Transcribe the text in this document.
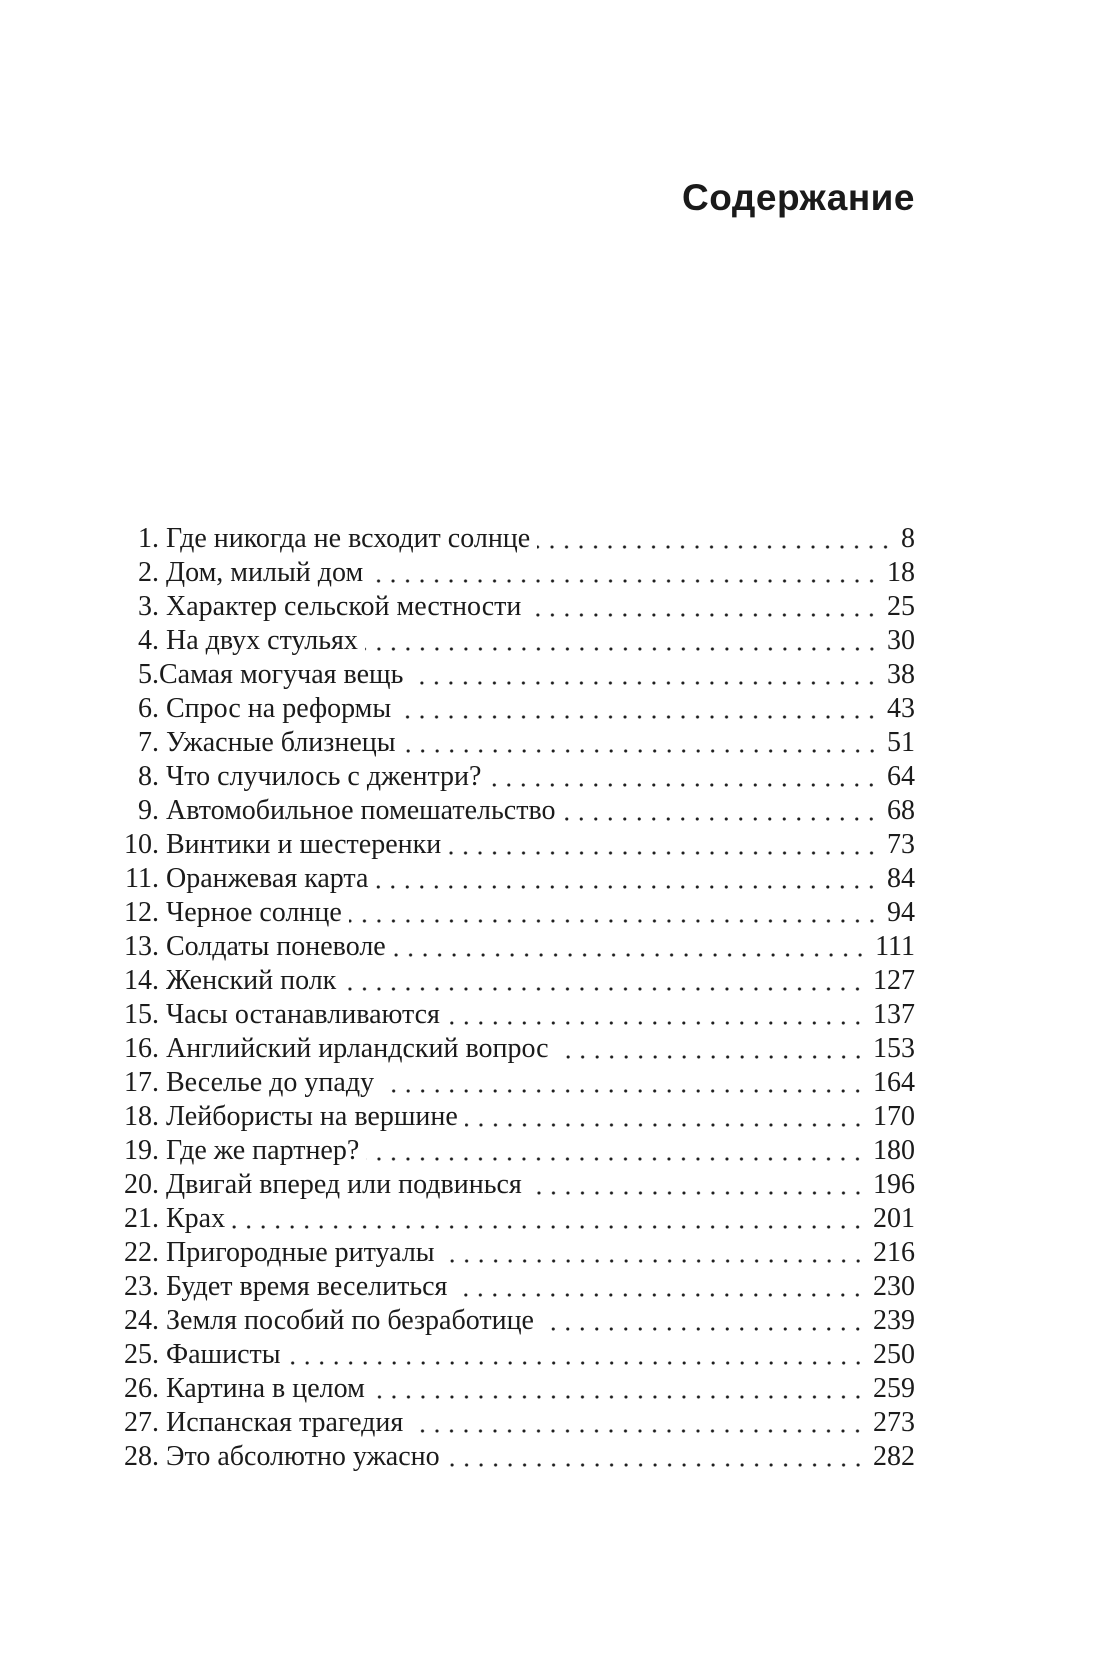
Содержание
1. Где никогда не всходит солнце	8
2. Дом, милый дом	18
3. Характер сельской местности	25
4. На двух стульях	30
5. Самая могучая вещь	38
6. Спрос на реформы	43
7. Ужасные близнецы	51
8. Что случилось с джентри?	64
9. Автомобильное помешательство	68
10. Винтики и шестеренки	73
11. Оранжевая карта	84
12. Черное солнце	94
13. Солдаты поневоле	111
14. Женский полк	127
15. Часы останавливаются	137
16. Английский ирландский вопрос	153
17. Веселье до упаду	164
18. Лейбористы на вершине	170
19. Где же партнер?	180
20. Двигай вперед или подвинься	196
21. Крах	201
22. Пригородные ритуалы	216
23. Будет время веселиться	230
24. Земля пособий по безработице	239
25. Фашисты	250
26. Картина в целом	259
27. Испанская трагедия	273
28. Это абсолютно ужасно	282
